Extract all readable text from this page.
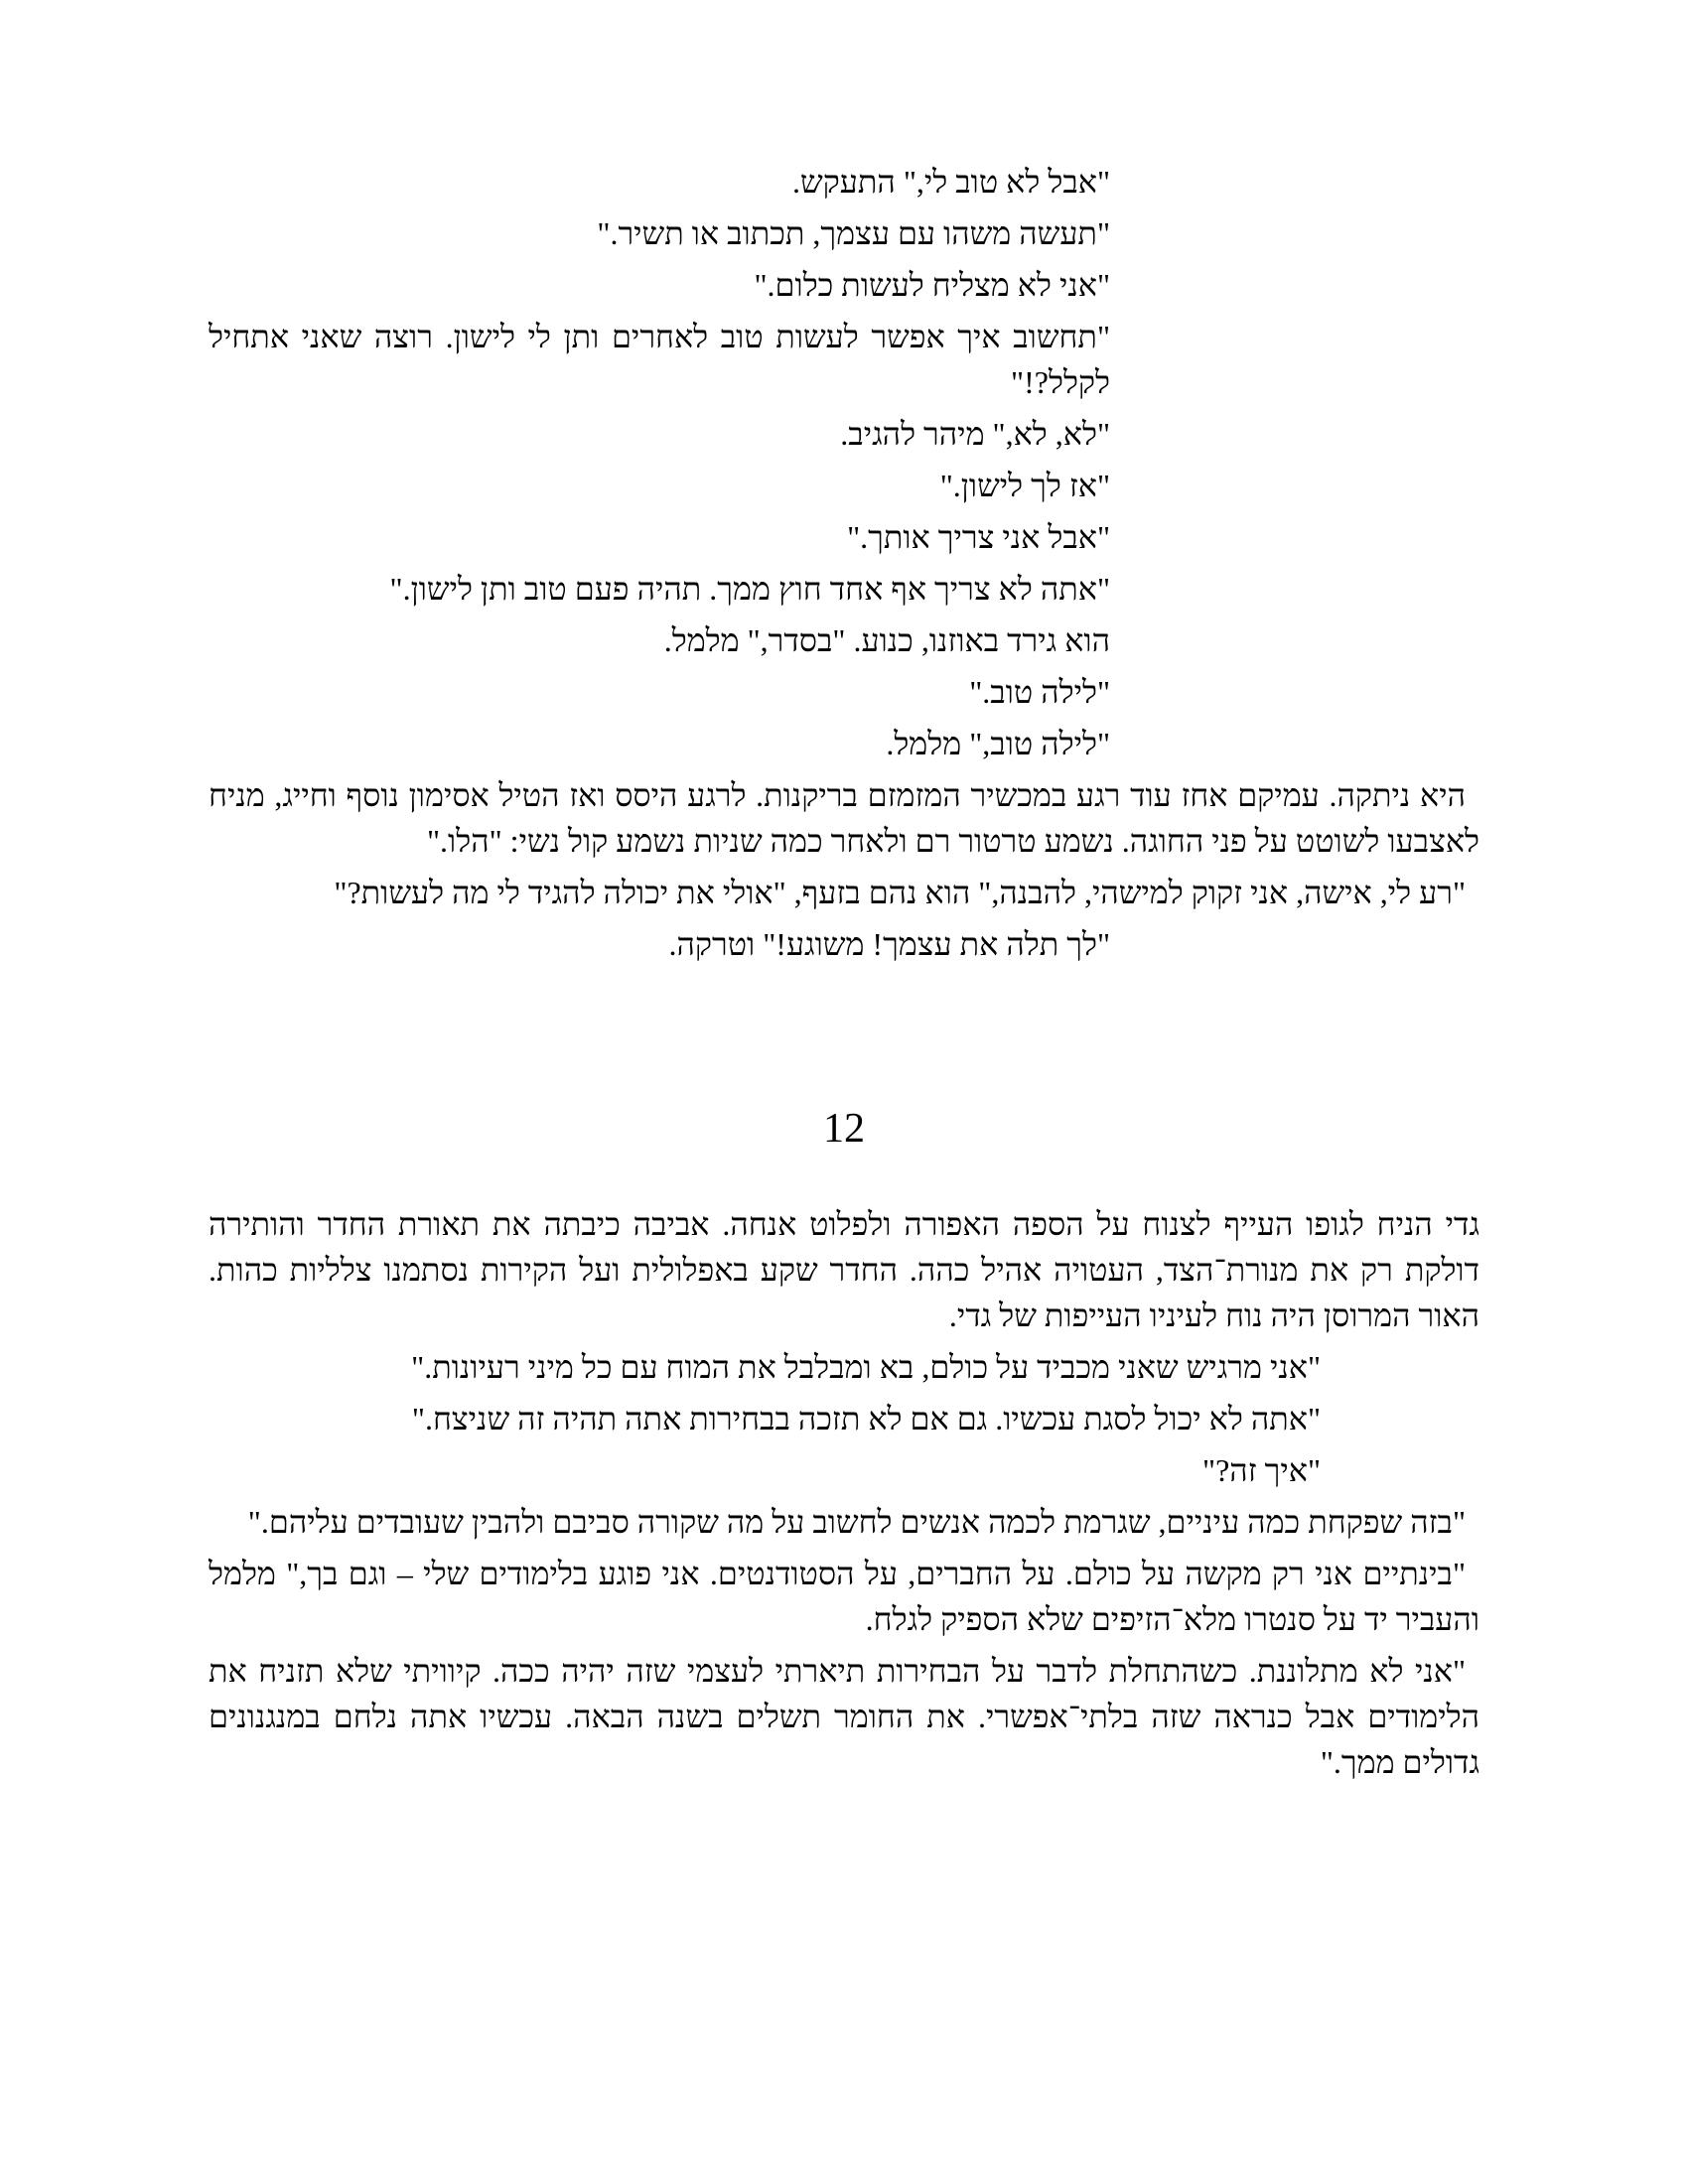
"אבל לא טוב לי," התעקש.

"תעשה משהו עם עצמך, תכתוב או תשיר."

"אני לא מצליח לעשות כלום."

"תחשוב איך אפשר לעשות טוב לאחרים ותן לי לישון. רוצה שאני אתחיל לקלל?!"

"לא, לא," מיהר להגיב.

"אז לך לישון."

"אבל אני צריך אותך."

"אתה לא צריך אף אחד חוץ ממך. תהיה פעם טוב ותן לישון."

הוא גירד באוזנו, כנוע. "בסדר," מלמל.

"לילה טוב."

"לילה טוב," מלמל.

היא ניתקה. עמיקם אחז עוד רגע במכשיר המזמזם בריקנות. לרגע היסס ואז הטיל אסימון נוסף וחייג, מניח לאצבעו לשוטט על פני החוגה. נשמע טרטור רם ולאחר כמה שניות נשמע קול נשי: "הלו."

"רע לי, אישה, אני זקוק למישהי, להבנה," הוא נהם בזעף, "אולי את יכולה להגיד לי מה לעשות?"

"לך תלה את עצמך! משוגע!" וטרקה.

12

גדי הניח לגופו העייף לצנוח על הספה האפורה ולפלוט אנחה. אביבה כיבתה את תאורת החדר והותירה דולקת רק את מנורת־הצד, העטויה אהיל כהה. החדר שקע באפלולית ועל הקירות נסתמנו צלליות כהות. האור המרוסן היה נוח לעיניו העייפות של גדי.

"אני מרגיש שאני מכביד על כולם, בא ומבלבל את המוח עם כל מיני רעיונות."

"אתה לא יכול לסגת עכשיו. גם אם לא תזכה בבחירות אתה תהיה זה שניצח."

"איך זה?"

"בזה שפקחת כמה עיניים, שגרמת לכמה אנשים לחשוב על מה שקורה סביבם ולהבין שעובדים עליהם."

"בינתיים אני רק מקשה על כולם. על החברים, על הסטודנטים. אני פוגע בלימודים שלי – וגם בך," מלמל והעביר יד על סנטרו מלא־הזיפים שלא הספיק לגלח.

"אני לא מתלוננת. כשהתחלת לדבר על הבחירות תיארתי לעצמי שזה יהיה ככה. קיוויתי שלא תזניח את הלימודים אבל כנראה שזה בלתי־אפשרי. את החומר תשלים בשנה הבאה. עכשיו אתה נלחם במנגנונים גדולים ממך."
